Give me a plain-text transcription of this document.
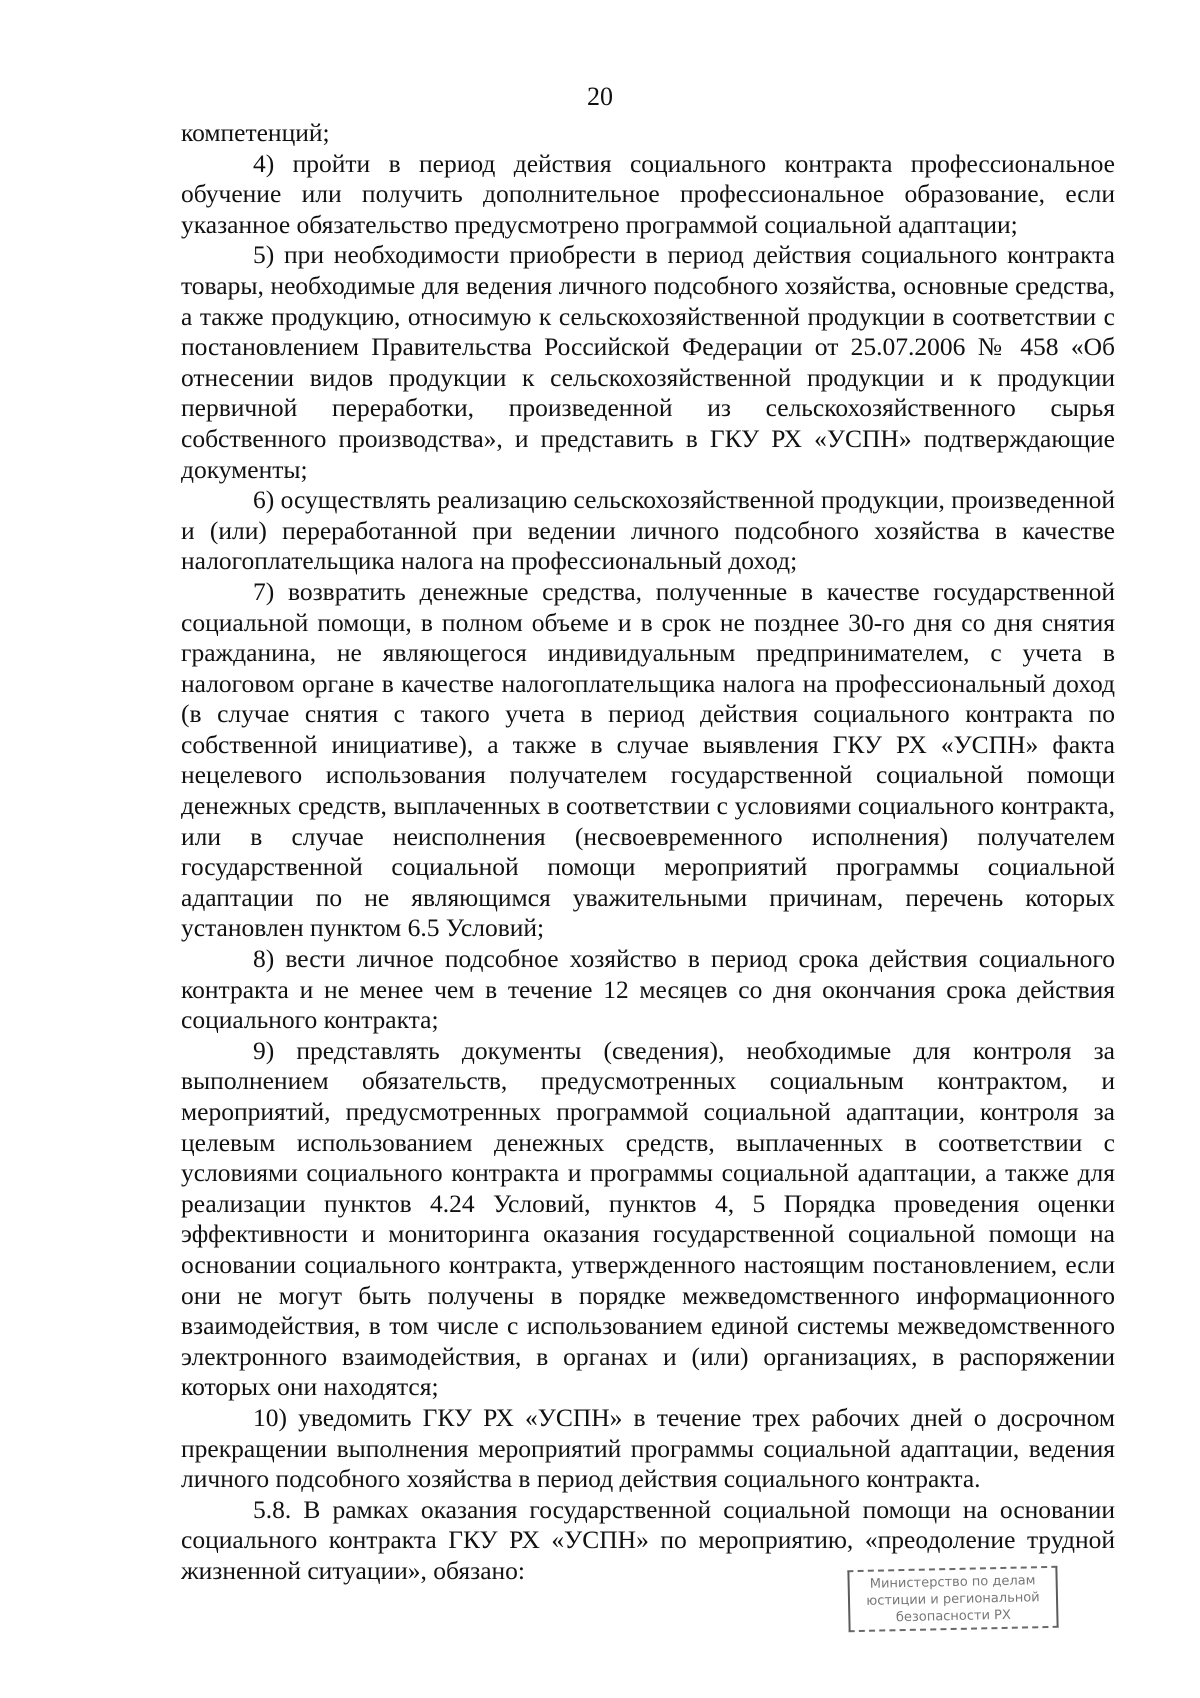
20

компетенций;

4) пройти в период действия социального контракта профессиональное обучение или получить дополнительное профессиональное образование, если указанное обязательство предусмотрено программой социальной адаптации;

5) при необходимости приобрести в период действия социального контракта товары, необходимые для ведения личного подсобного хозяйства, основные средства, а также продукцию, относимую к сельскохозяйственной продукции в соответствии с постановлением Правительства Российской Федерации от 25.07.2006 № 458 «Об отнесении видов продукции к сельскохозяйственной продукции и к продукции первичной переработки, произведенной из сельскохозяйственного сырья собственного производства», и представить в ГКУ РХ «УСПН» подтверждающие документы;

6) осуществлять реализацию сельскохозяйственной продукции, произведенной и (или) переработанной при ведении личного подсобного хозяйства в качестве налогоплательщика налога на профессиональный доход;

7) возвратить денежные средства, полученные в качестве государственной социальной помощи, в полном объеме и в срок не позднее 30-го дня со дня снятия гражданина, не являющегося индивидуальным предпринимателем, с учета в налоговом органе в качестве налогоплательщика налога на профессиональный доход (в случае снятия с такого учета в период действия социального контракта по собственной инициативе), а также в случае выявления ГКУ РХ «УСПН» факта нецелевого использования получателем государственной социальной помощи денежных средств, выплаченных в соответствии с условиями социального контракта, или в случае неисполнения (несвоевременного исполнения) получателем государственной социальной помощи мероприятий программы социальной адаптации по не являющимся уважительными причинам, перечень которых установлен пунктом 6.5 Условий;

8) вести личное подсобное хозяйство в период срока действия социального контракта и не менее чем в течение 12 месяцев со дня окончания срока действия социального контракта;

9) представлять документы (сведения), необходимые для контроля за выполнением обязательств, предусмотренных социальным контрактом, и мероприятий, предусмотренных программой социальной адаптации, контроля за целевым использованием денежных средств, выплаченных в соответствии с условиями социального контракта и программы социальной адаптации, а также для реализации пунктов 4.24 Условий, пунктов 4, 5 Порядка проведения оценки эффективности и мониторинга оказания государственной социальной помощи на основании социального контракта, утвержденного настоящим постановлением, если они не могут быть получены в порядке межведомственного информационного взаимодействия, в том числе с использованием единой системы межведомственного электронного взаимодействия, в органах и (или) организациях, в распоряжении которых они находятся;

10) уведомить ГКУ РХ «УСПН» в течение трех рабочих дней о досрочном прекращении выполнения мероприятий программы социальной адаптации, ведения личного подсобного хозяйства в период действия социального контракта.

5.8. В рамках оказания государственной социальной помощи на основании социального контракта ГКУ РХ «УСПН» по мероприятию, «преодоление трудной жизненной ситуации», обязано:	Министерство по делам
юстиции и региональной
безопасности РХ
